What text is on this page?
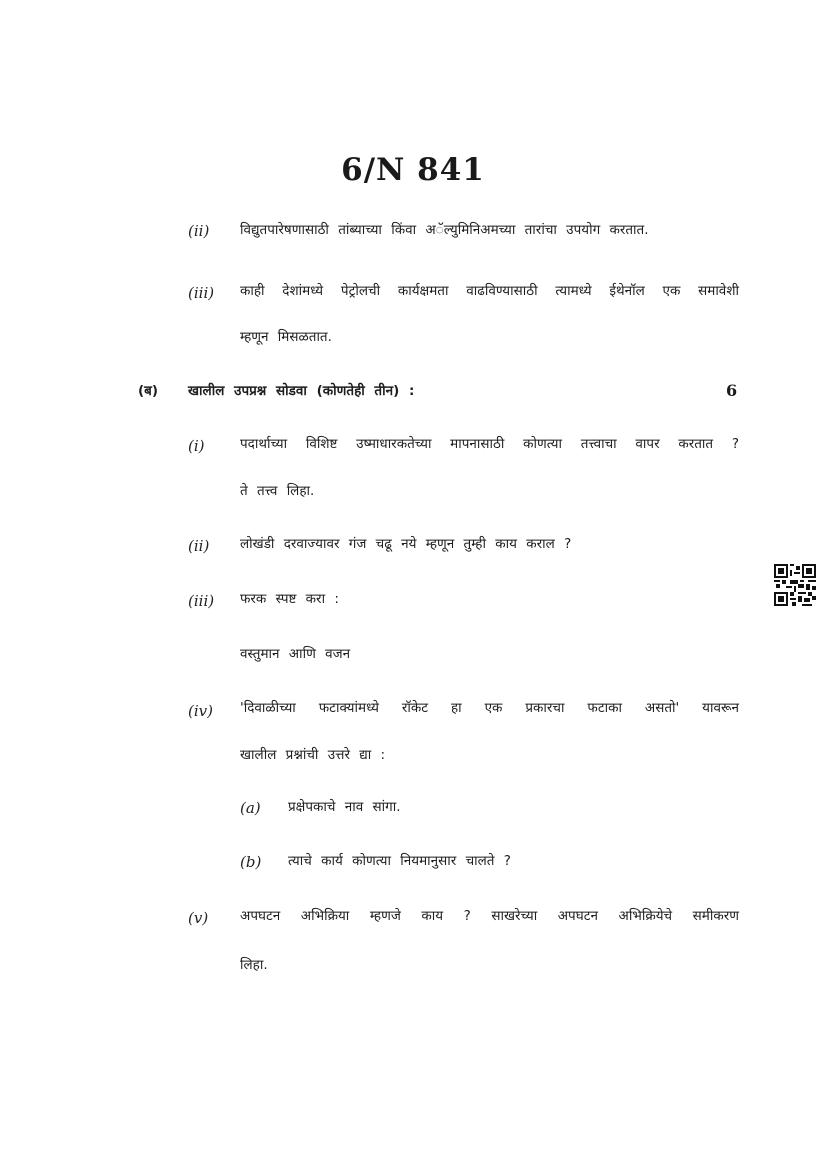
6/N 841
(ii) विद्युतपारेषणासाठी तांब्याच्या किंवा अॅल्युमिनिअमच्या तारांचा उपयोग करतात.
(iii) काही देशांमध्ये पेट्रोलची कार्यक्षमता वाढविण्यासाठी त्यामध्ये ईथेनॉल एक समावेशी
म्हणून मिसळतात.
(ब) खालील उपप्रश्न सोडवा (कोणतेही तीन) :	6
(i)	पदार्थाच्या विशिष्ट उष्माधारकतेच्या मापनासाठी कोणत्या तत्त्वाचा वापर करतात ?
ते तत्त्व लिहा.
(ii) लोखंडी दरवाज्यावर गंज चढू नये म्हणून तुम्ही काय कराल ?
(iii) फरक स्पष्ट करा :
वस्तुमान आणि वजन
(iv) 'दिवाळीच्या फटाक्यांमध्ये रॉकेट हा एक प्रकारचा फटाका असतो' यावरून
खालील प्रश्नांची उत्तरे द्या :
(a) प्रक्षेपकाचे नाव सांगा.
(b) त्याचे कार्य कोणत्या नियमानुसार चालते ?
(v) अपघटन अभिक्रिया म्हणजे काय ? साखरेच्या अपघटन अभिक्रियेचे समीकरण
लिहा.
